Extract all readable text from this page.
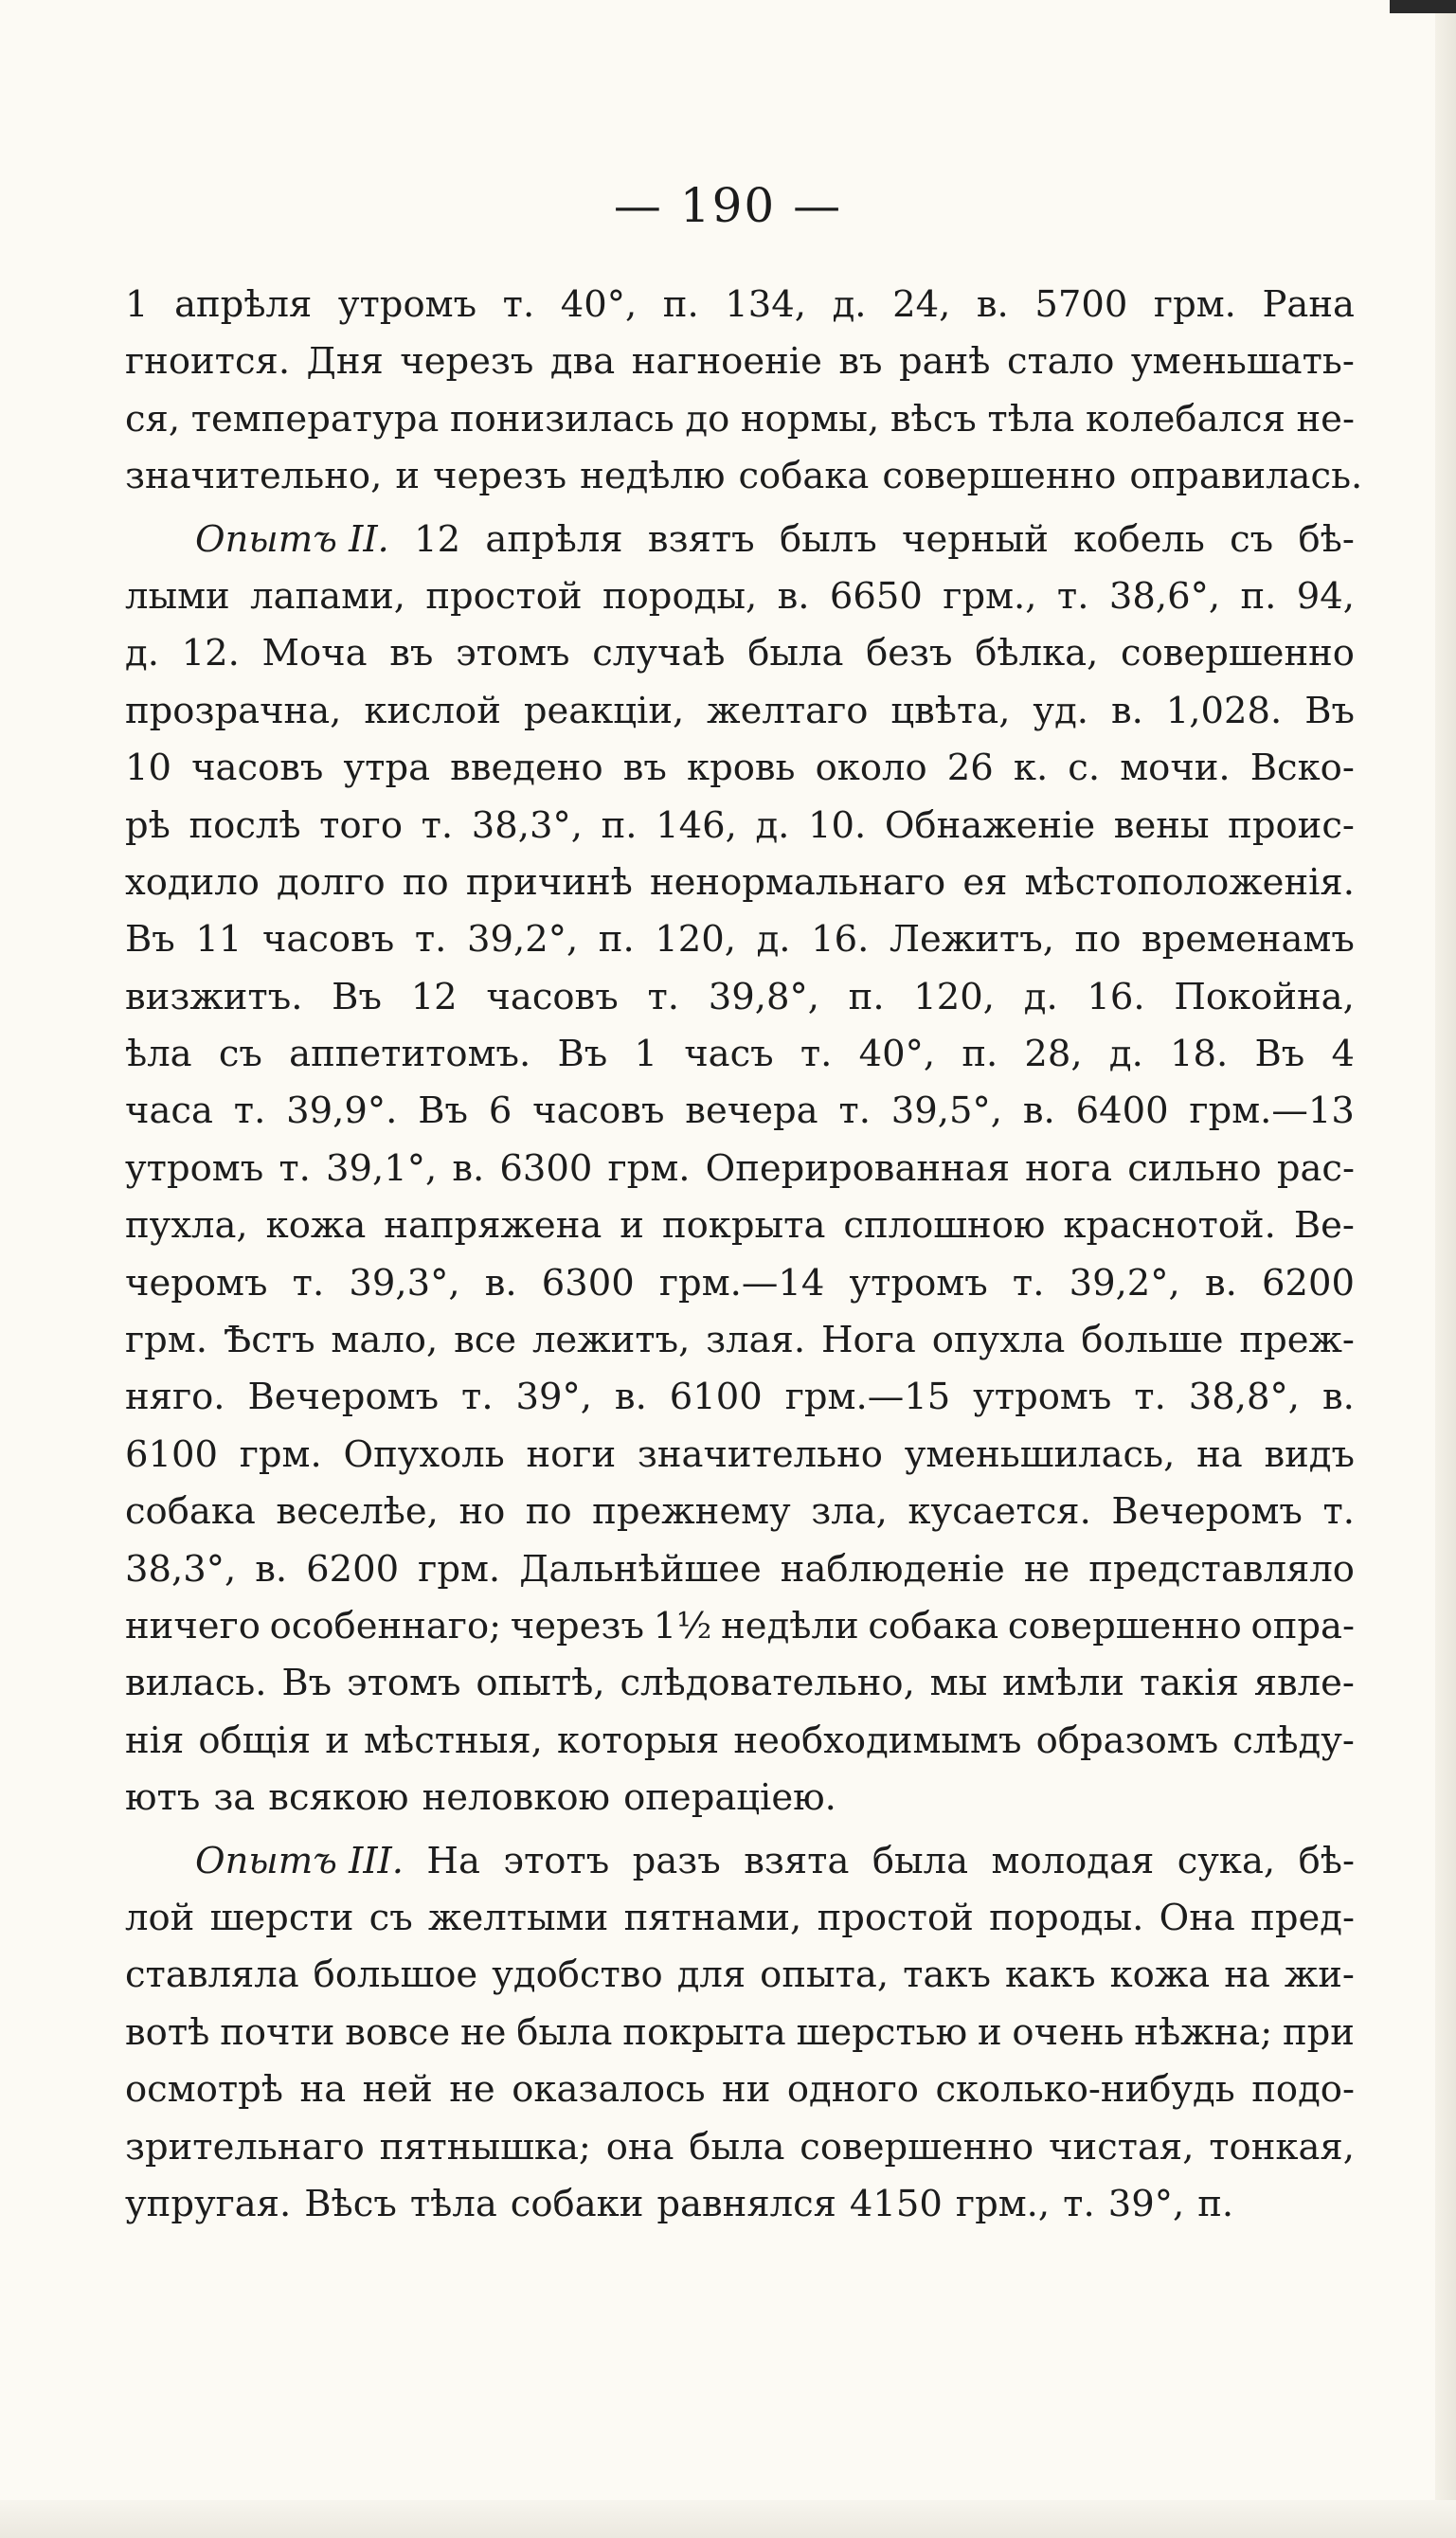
— 190 —
1 апрѣля утромъ т. 40°, п. 134, д. 24, в. 5700 грм. Рана
гноится. Дня черезъ два нагноеніе въ ранѣ стало уменьшать-
ся, температура понизилась до нормы, вѣсъ тѣла колебался не-
значительно, и черезъ недѣлю собака совершенно оправилась.
Опытъ II. 12 апрѣля взятъ былъ черный кобель съ бѣ-
лыми лапами, простой породы, в. 6650 грм., т. 38,6°, п. 94,
д. 12. Моча въ этомъ случаѣ была безъ бѣлка, совершенно
прозрачна, кислой реакціи, желтаго цвѣта, уд. в. 1,028. Въ
10 часовъ утра введено въ кровь около 26 к. с. мочи. Вско-
рѣ послѣ того т. 38,3°, п. 146, д. 10. Обнаженіе вены проис-
ходило долго по причинѣ ненормальнаго ея мѣстоположенія.
Въ 11 часовъ т. 39,2°, п. 120, д. 16. Лежитъ, по временамъ
визжитъ. Въ 12 часовъ т. 39,8°, п. 120, д. 16. Покойна,
ѣла съ аппетитомъ. Въ 1 часъ т. 40°, п. 28, д. 18. Въ 4
часа т. 39,9°. Въ 6 часовъ вечера т. 39,5°, в. 6400 грм.—13
утромъ т. 39,1°, в. 6300 грм. Оперированная нога сильно рас-
пухла, кожа напряжена и покрыта сплошною краснотой. Ве-
черомъ т. 39,3°, в. 6300 грм.—14 утромъ т. 39,2°, в. 6200
грм. Ѣстъ мало, все лежитъ, злая. Нога опухла больше преж-
няго. Вечеромъ т. 39°, в. 6100 грм.—15 утромъ т. 38,8°, в.
6100 грм. Опухоль ноги значительно уменьшилась, на видъ
собака веселѣе, но по прежнему зла, кусается. Вечеромъ т.
38,3°, в. 6200 грм. Дальнѣйшее наблюденіе не представляло
ничего особеннаго; черезъ 1½ недѣли собака совершенно опра-
вилась. Въ этомъ опытѣ, слѣдовательно, мы имѣли такія явле-
нія общія и мѣстныя, которыя необходимымъ образомъ слѣду-
ютъ за всякою неловкою операціею.
Опытъ III. На этотъ разъ взята была молодая сука, бѣ-
лой шерсти съ желтыми пятнами, простой породы. Она пред-
ставляла большое удобство для опыта, такъ какъ кожа на жи-
вотѣ почти вовсе не была покрыта шерстью и очень нѣжна; при
осмотрѣ на ней не оказалось ни одного сколько-нибудь подо-
зрительнаго пятнышка; она была совершенно чистая, тонкая,
упругая. Вѣсъ тѣла собаки равнялся 4150 грм., т. 39°, п.
